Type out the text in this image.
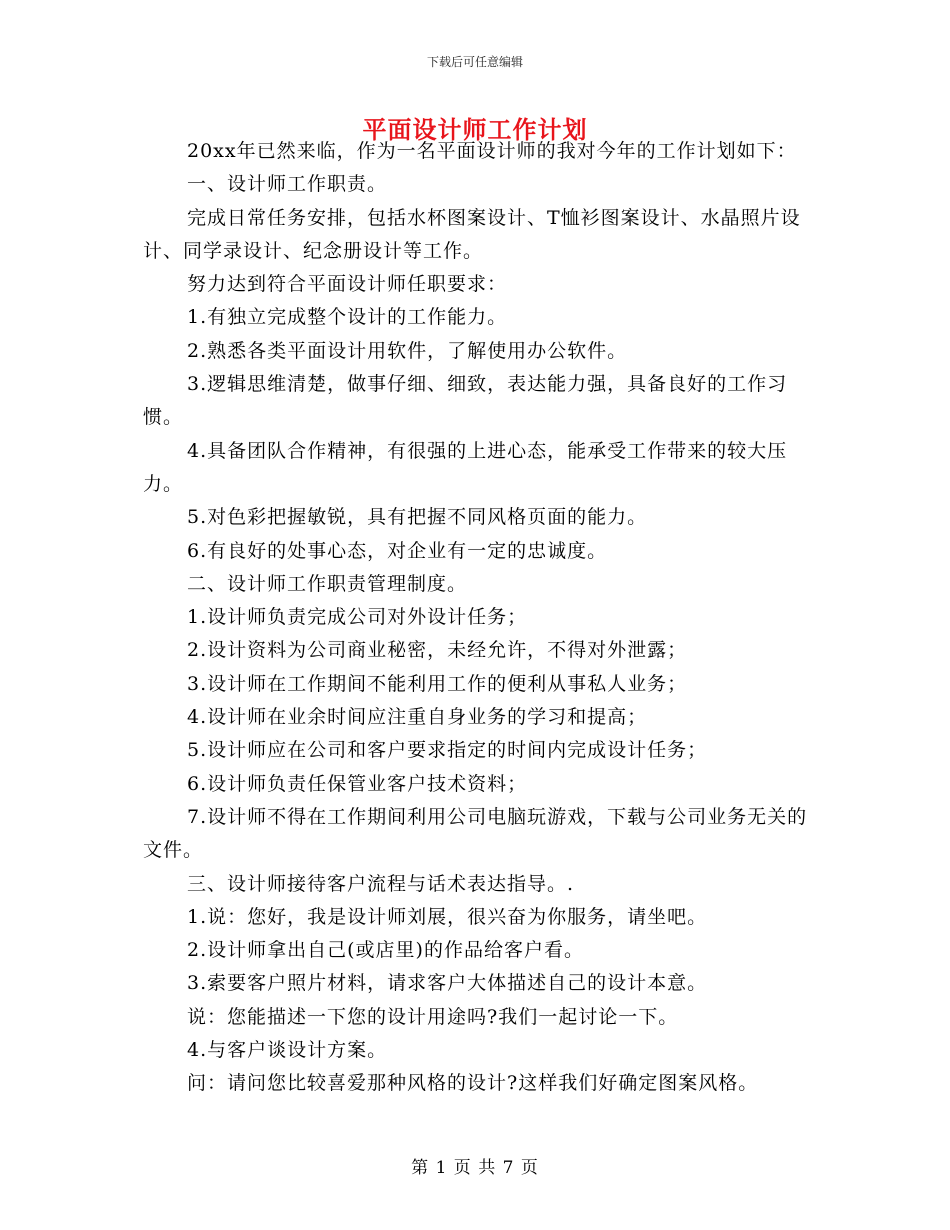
下载后可任意编辑
平面设计师工作计划

20xx年已然来临，作为一名平面设计师的我对今年的工作计划如下：

一、设计师工作职责。

完成日常任务安排，包括水杯图案设计、T恤衫图案设计、水晶照片设计、同学录设计、纪念册设计等工作。

努力达到符合平面设计师任职要求：

1.有独立完成整个设计的工作能力。

2.熟悉各类平面设计用软件，了解使用办公软件。

3.逻辑思维清楚，做事仔细、细致，表达能力强，具备良好的工作习惯。

4.具备团队合作精神，有很强的上进心态，能承受工作带来的较大压力。

5.对色彩把握敏锐，具有把握不同风格页面的能力。

6.有良好的处事心态，对企业有一定的忠诚度。

二、设计师工作职责管理制度。

1.设计师负责完成公司对外设计任务；

2.设计资料为公司商业秘密，未经允许，不得对外泄露；

3.设计师在工作期间不能利用工作的便利从事私人业务；

4.设计师在业余时间应注重自身业务的学习和提高；

5.设计师应在公司和客户要求指定的时间内完成设计任务；

6.设计师负责任保管业客户技术资料；

7.设计师不得在工作期间利用公司电脑玩游戏，下载与公司业务无关的文件。

三、设计师接待客户流程与话术表达指导。.

1.说：您好，我是设计师刘展，很兴奋为你服务，请坐吧。

2.设计师拿出自己(或店里)的作品给客户看。

3.索要客户照片材料，请求客户大体描述自己的设计本意。

说：您能描述一下您的设计用途吗?我们一起讨论一下。

4.与客户谈设计方案。

问：请问您比较喜爱那种风格的设计?这样我们好确定图案风格。

第 1 页 共 7 页
